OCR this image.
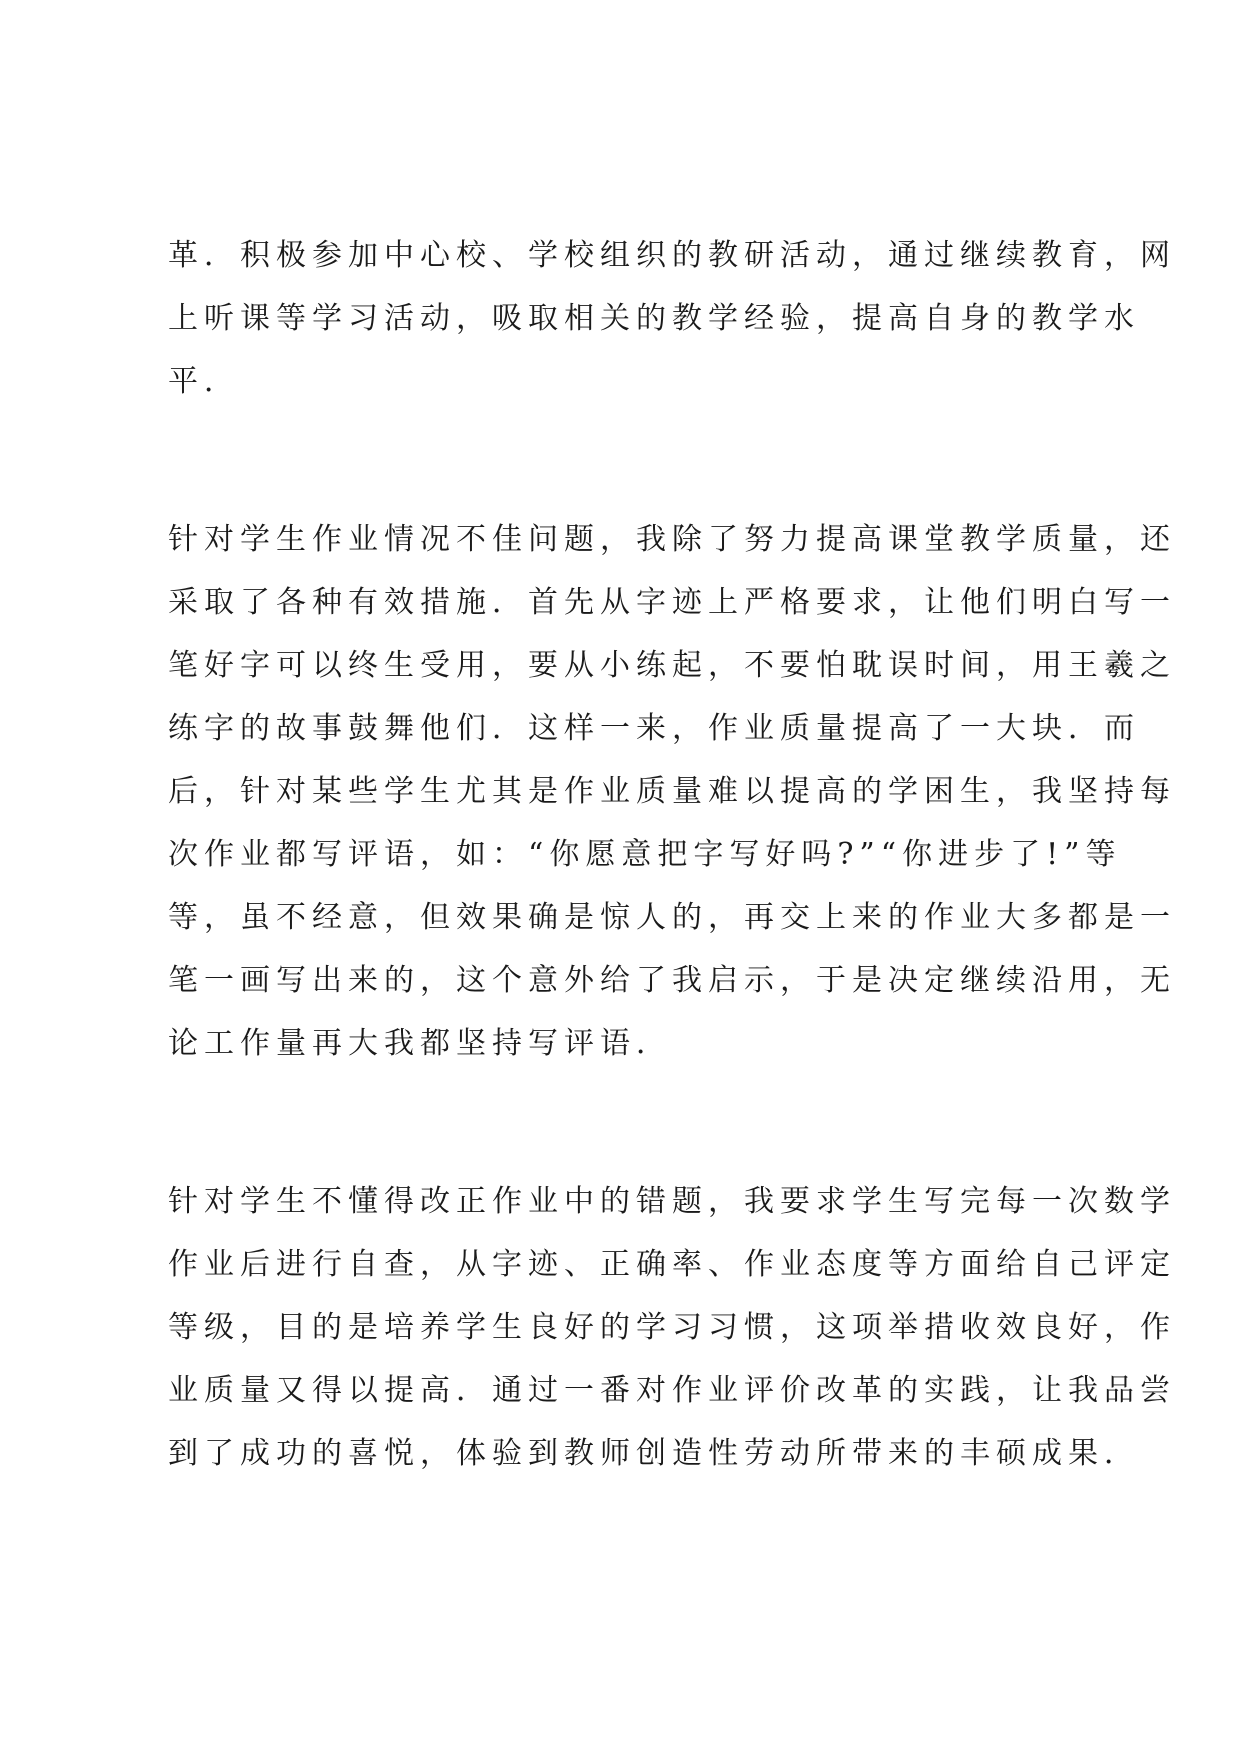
革．积极参加中心校、学校组织的教研活动，通过继续教育，网
上听课等学习活动，吸取相关的教学经验，提高自身的教学水
平．

针对学生作业情况不佳问题，我除了努力提高课堂教学质量，还
采取了各种有效措施．首先从字迹上严格要求，让他们明白写一
笔好字可以终生受用，要从小练起，不要怕耽误时间，用王羲之
练字的故事鼓舞他们．这样一来，作业质量提高了一大块．而
后，针对某些学生尤其是作业质量难以提高的学困生，我坚持每
次作业都写评语，如：“你愿意把字写好吗?”“你进步了!”等
等，虽不经意，但效果确是惊人的，再交上来的作业大多都是一
笔一画写出来的，这个意外给了我启示，于是决定继续沿用，无
论工作量再大我都坚持写评语．

针对学生不懂得改正作业中的错题，我要求学生写完每一次数学
作业后进行自查，从字迹、正确率、作业态度等方面给自己评定
等级，目的是培养学生良好的学习习惯，这项举措收效良好，作
业质量又得以提高．通过一番对作业评价改革的实践，让我品尝
到了成功的喜悦，体验到教师创造性劳动所带来的丰硕成果．
